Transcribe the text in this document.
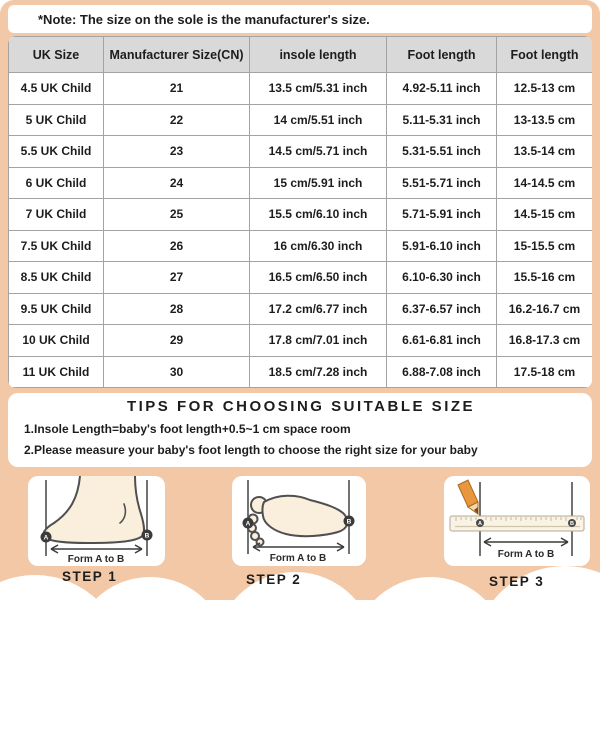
*Note: The size on the sole is the manufacturer's size.
UK Size	Manufacturer Size(CN)	insole length	Foot length	Foot length
4.5 UK Child	21	13.5 cm/5.31 inch	4.92-5.11 inch	12.5-13 cm
5 UK Child	22	14 cm/5.51 inch	5.11-5.31 inch	13-13.5 cm
5.5 UK Child	23	14.5 cm/5.71 inch	5.31-5.51 inch	13.5-14 cm
6 UK Child	24	15 cm/5.91 inch	5.51-5.71 inch	14-14.5 cm
7 UK Child	25	15.5 cm/6.10 inch	5.71-5.91 inch	14.5-15 cm
7.5 UK Child	26	16 cm/6.30 inch	5.91-6.10 inch	15-15.5 cm
8.5 UK Child	27	16.5 cm/6.50 inch	6.10-6.30 inch	15.5-16 cm
9.5 UK Child	28	17.2 cm/6.77 inch	6.37-6.57 inch	16.2-16.7 cm
10 UK Child	29	17.8 cm/7.01 inch	6.61-6.81 inch	16.8-17.3 cm
11 UK Child	30	18.5 cm/7.28 inch	6.88-7.08 inch	17.5-18 cm
TIPS FOR CHOOSING SUITABLE SIZE
1.Insole Length=baby's foot length+0.5~1 cm space room
2.Please measure your baby's foot length to choose the right size for your baby
A	B
Form A to B
A	B
Form A to B
A	B
Form A to B
STEP 1	STEP 2	STEP 3
